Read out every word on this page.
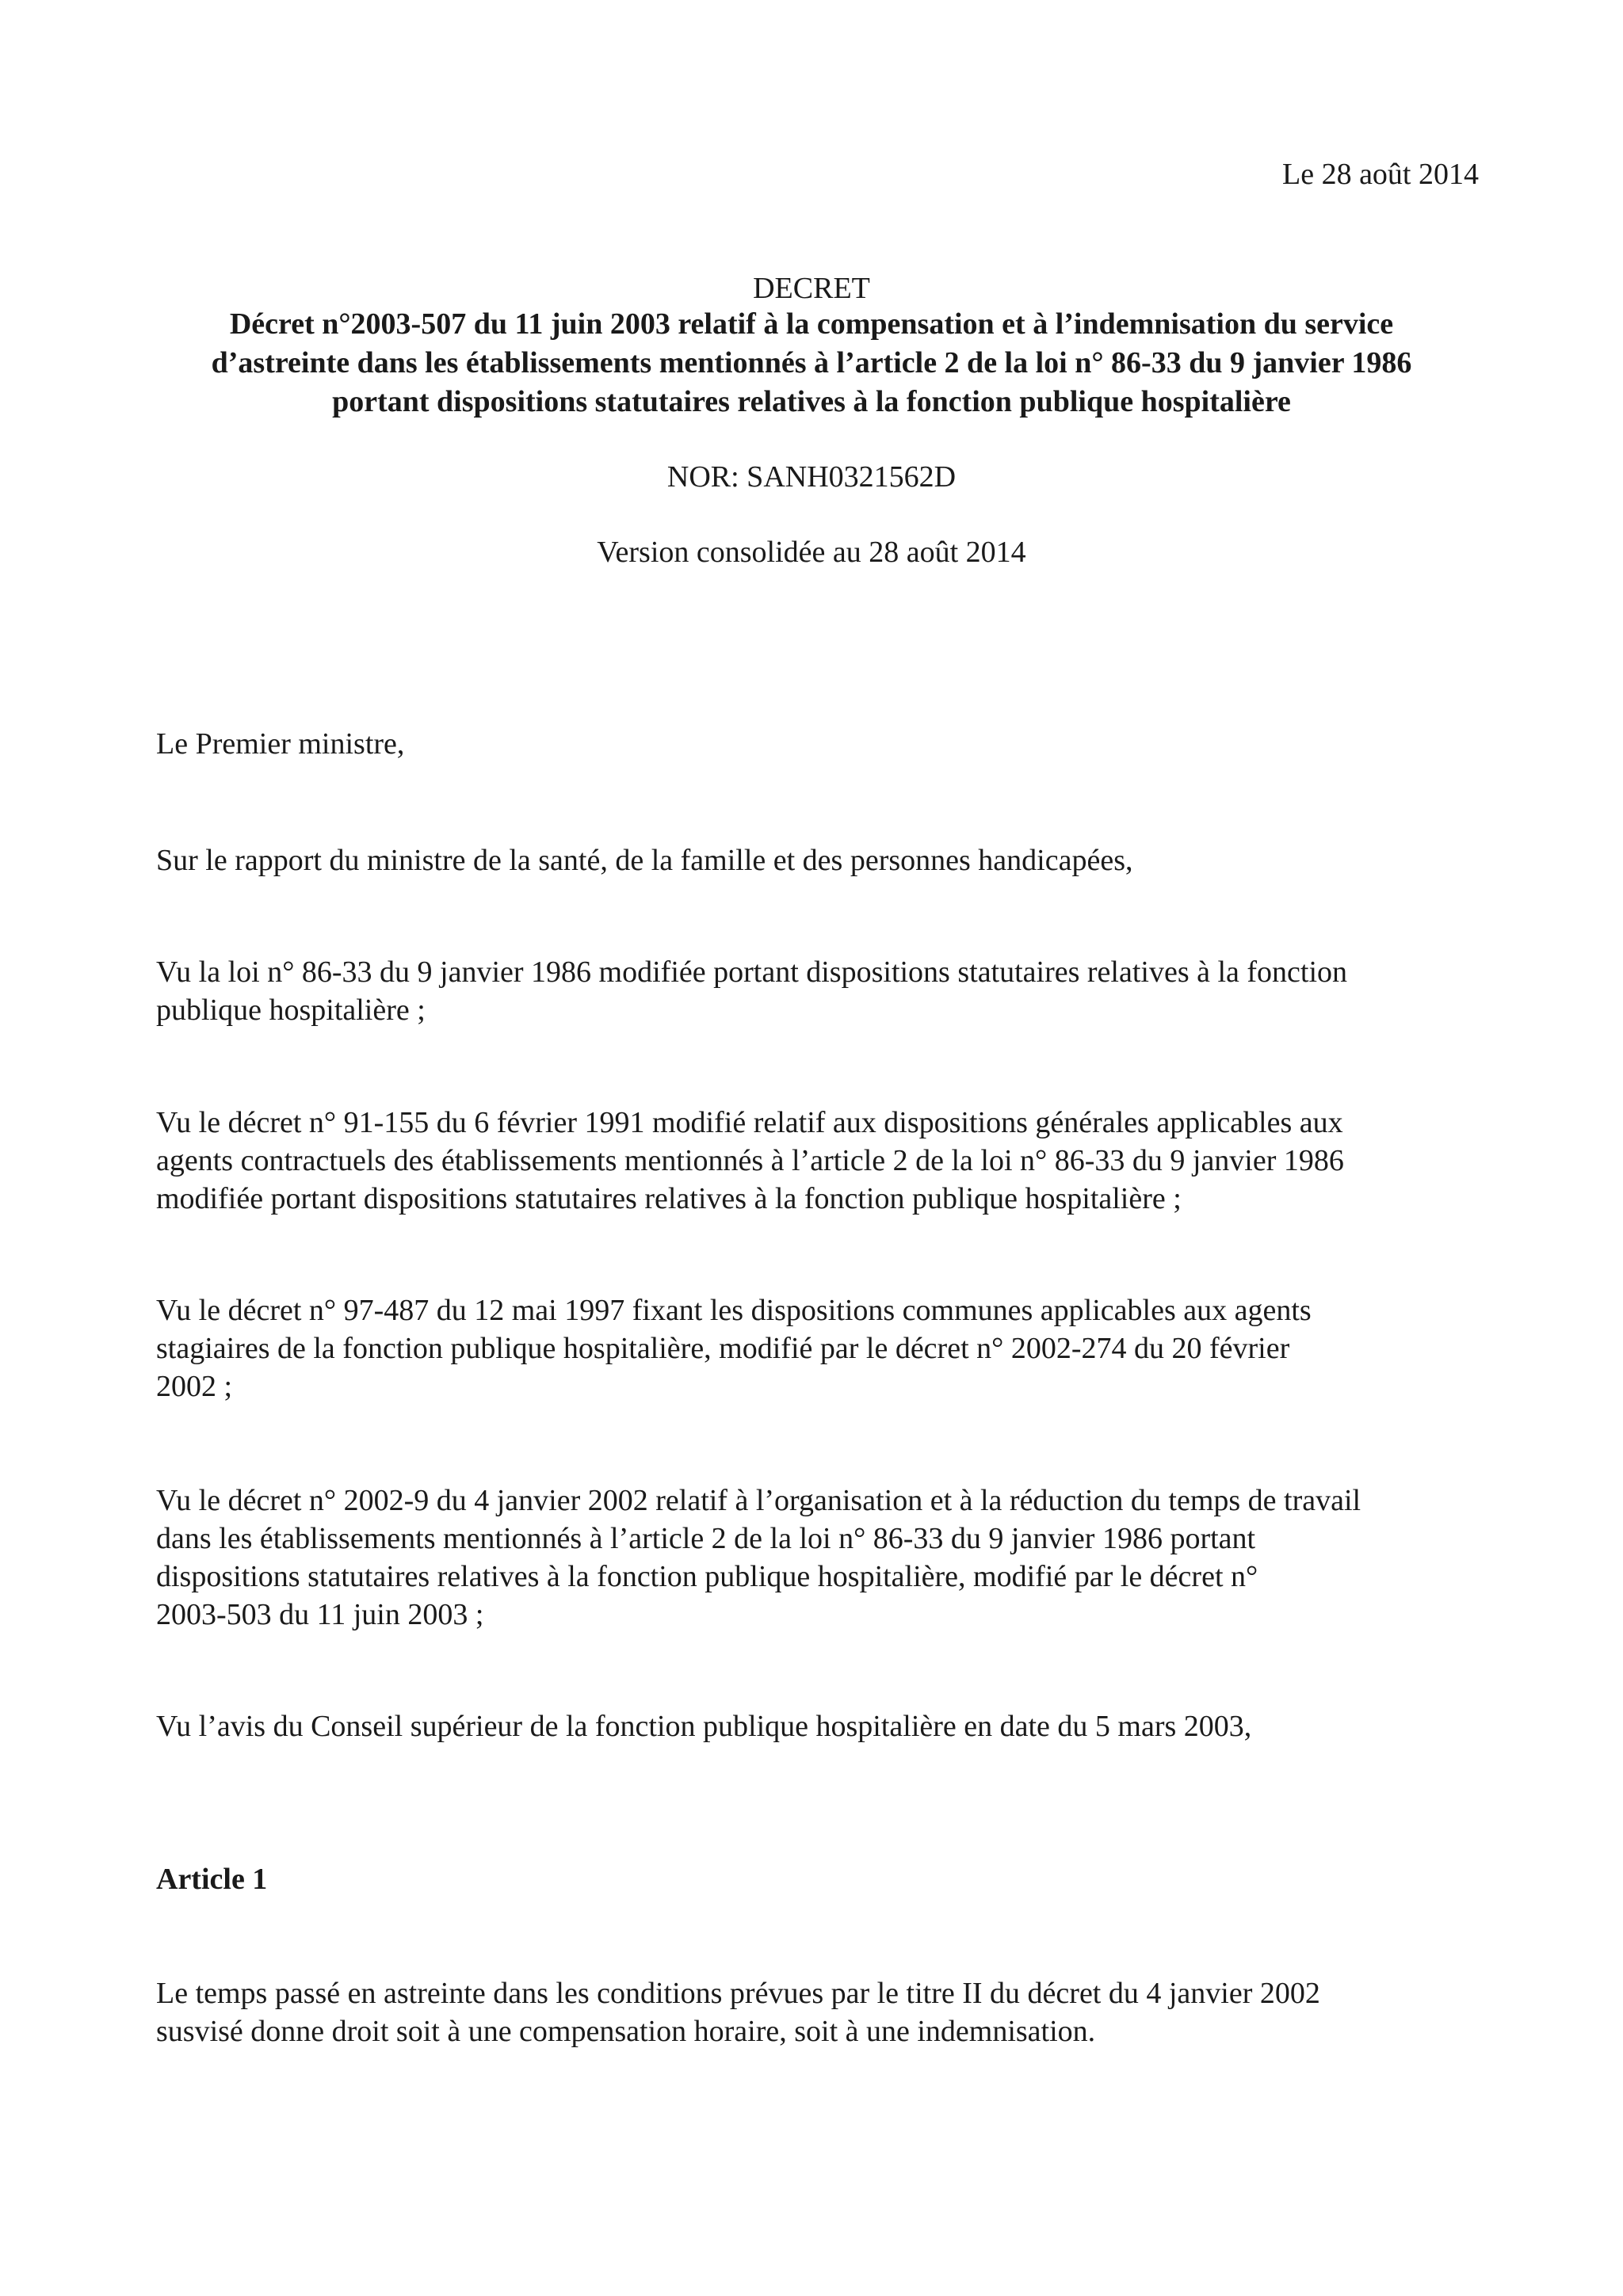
Le 28 août 2014
DECRET
Décret n°2003-507 du 11 juin 2003 relatif à la compensation et à l’indemnisation du service
d’astreinte dans les établissements mentionnés à l’article 2 de la loi n° 86-33 du 9 janvier 1986
portant dispositions statutaires relatives à la fonction publique hospitalière
NOR: SANH0321562D
Version consolidée au 28 août 2014
Le Premier ministre,
Sur le rapport du ministre de la santé, de la famille et des personnes handicapées,
Vu la loi n° 86-33 du 9 janvier 1986 modifiée portant dispositions statutaires relatives à la fonction
publique hospitalière ;
Vu le décret n° 91-155 du 6 février 1991 modifié relatif aux dispositions générales applicables aux
agents contractuels des établissements mentionnés à l’article 2 de la loi n° 86-33 du 9 janvier 1986
modifiée portant dispositions statutaires relatives à la fonction publique hospitalière ;
Vu le décret n° 97-487 du 12 mai 1997 fixant les dispositions communes applicables aux agents
stagiaires de la fonction publique hospitalière, modifié par le décret n° 2002-274 du 20 février
2002 ;
Vu le décret n° 2002-9 du 4 janvier 2002 relatif à l’organisation et à la réduction du temps de travail
dans les établissements mentionnés à l’article 2 de la loi n° 86-33 du 9 janvier 1986 portant
dispositions statutaires relatives à la fonction publique hospitalière, modifié par le décret n°
2003-503 du 11 juin 2003 ;
Vu l’avis du Conseil supérieur de la fonction publique hospitalière en date du 5 mars 2003,
Article 1
Le temps passé en astreinte dans les conditions prévues par le titre II du décret du 4 janvier 2002
susvisé donne droit soit à une compensation horaire, soit à une indemnisation.
